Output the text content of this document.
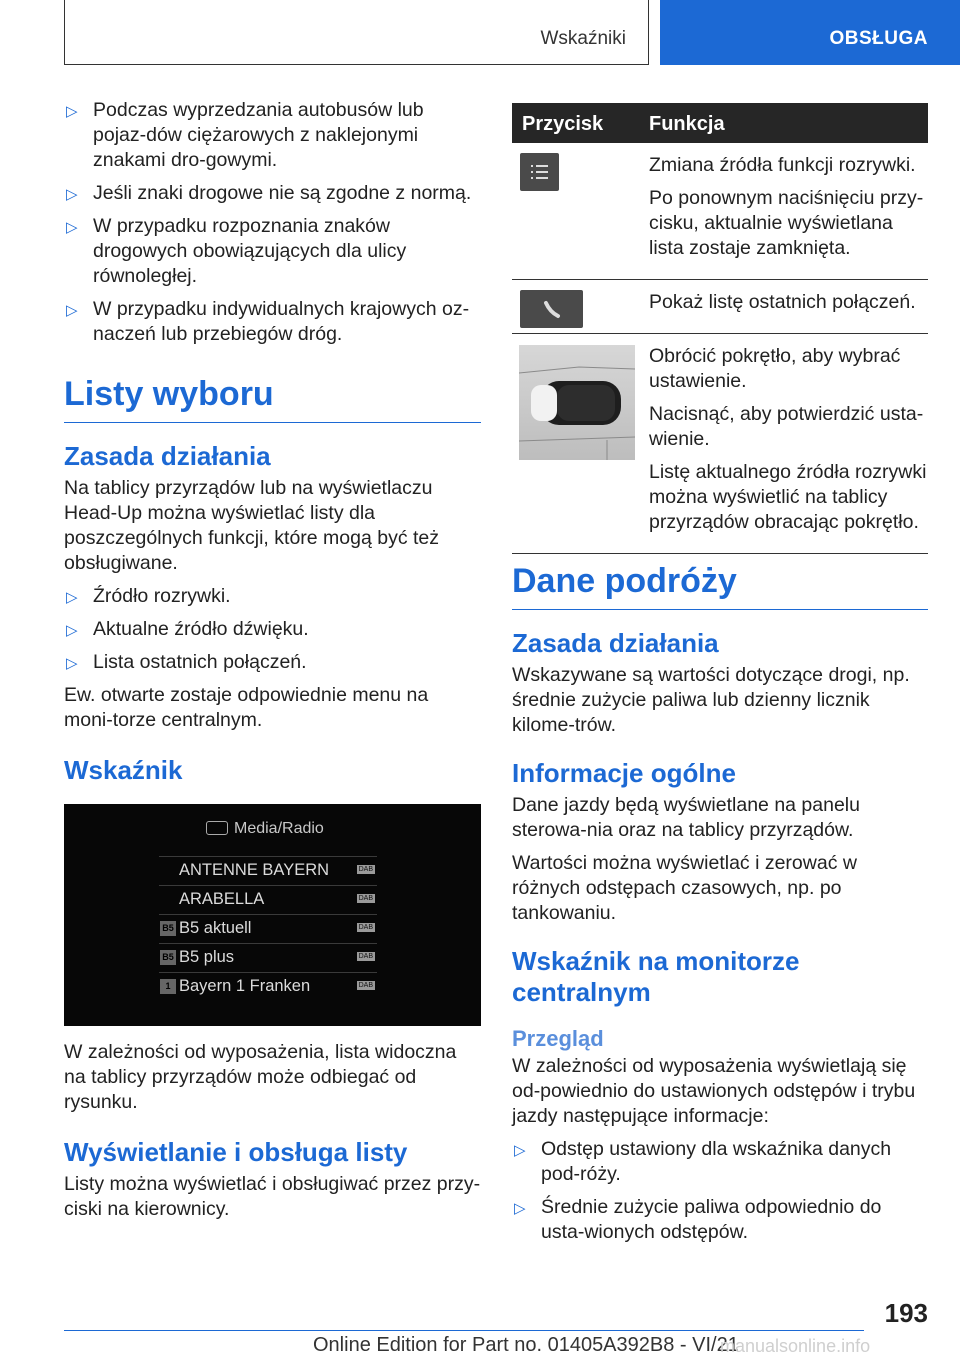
Wskaźniki	OBSŁUGA
▷ Podczas wyprzedzania autobusów lub pojaz-dów ciężarowych z naklejonymi znakami dro-gowymi.
▷ Jeśli znaki drogowe nie są zgodne z normą.
▷ W przypadku rozpoznania znaków drogowych obowiązujących dla ulicy równoległej.
▷ W przypadku indywidualnych krajowych oz-naczeń lub przebiegów dróg.
Listy wyboru
Zasada działania

Na tablicy przyrządów lub na wyświetlaczu Head-Up można wyświetlać listy dla poszczególnych funkcji, które mogą być też obsługiwane.

▷ Źródło rozrywki.
▷ Aktualne źródło dźwięku.
▷ Lista ostatnich połączeń.

Ew. otwarte zostaje odpowiednie menu na moni-torze centralnym.

Wskaźnik
Media/Radio
ANTENNE BAYERN	DAB
ARABELLA	DAB
B5 B5 aktuell	DAB
B5 B5 plus	DAB
1 Bayern 1 Franken	DAB

W zależności od wyposażenia, lista widoczna na tablicy przyrządów może odbiegać od rysunku.

Wyświetlanie i obsługa listy

Listy można wyświetlać i obsługiwać przez przy-ciski na kierownicy.

Przycisk Funkcja

Zmiana źródła funkcji rozrywki.

Po ponownym naciśnięciu przy-cisku, aktualnie wyświetlana lista zostaje zamknięta.

Pokaż listę ostatnich połączeń.

Obrócić pokrętło, aby wybrać ustawienie.

Nacisnąć, aby potwierdzić usta-wienie.

Listę aktualnego źródła rozrywki można wyświetlić na tablicy przyrządów obracając pokrętło.

Dane podróży
Zasada działania

Wskazywane są wartości dotyczące drogi, np. średnie zużycie paliwa lub dzienny licznik kilome-trów.

Informacje ogólne

Dane jazdy będą wyświetlane na panelu sterowa-nia oraz na tablicy przyrządów.

Wartości można wyświetlać i zerować w różnych odstępach czasowych, np. po tankowaniu.

Wskaźnik na monitorze centralnym
Przegląd

W zależności od wyposażenia wyświetlają się od-powiednio do ustawionych odstępów i trybu jazdy następujące informacje:

▷ Odstęp ustawiony dla wskaźnika danych pod-róży.
▷ Średnie zużycie paliwa odpowiednio do usta-wionych odstępów.
193
Online Edition for Part no. 01405A392B8 - VI/21
manualsonline.info
